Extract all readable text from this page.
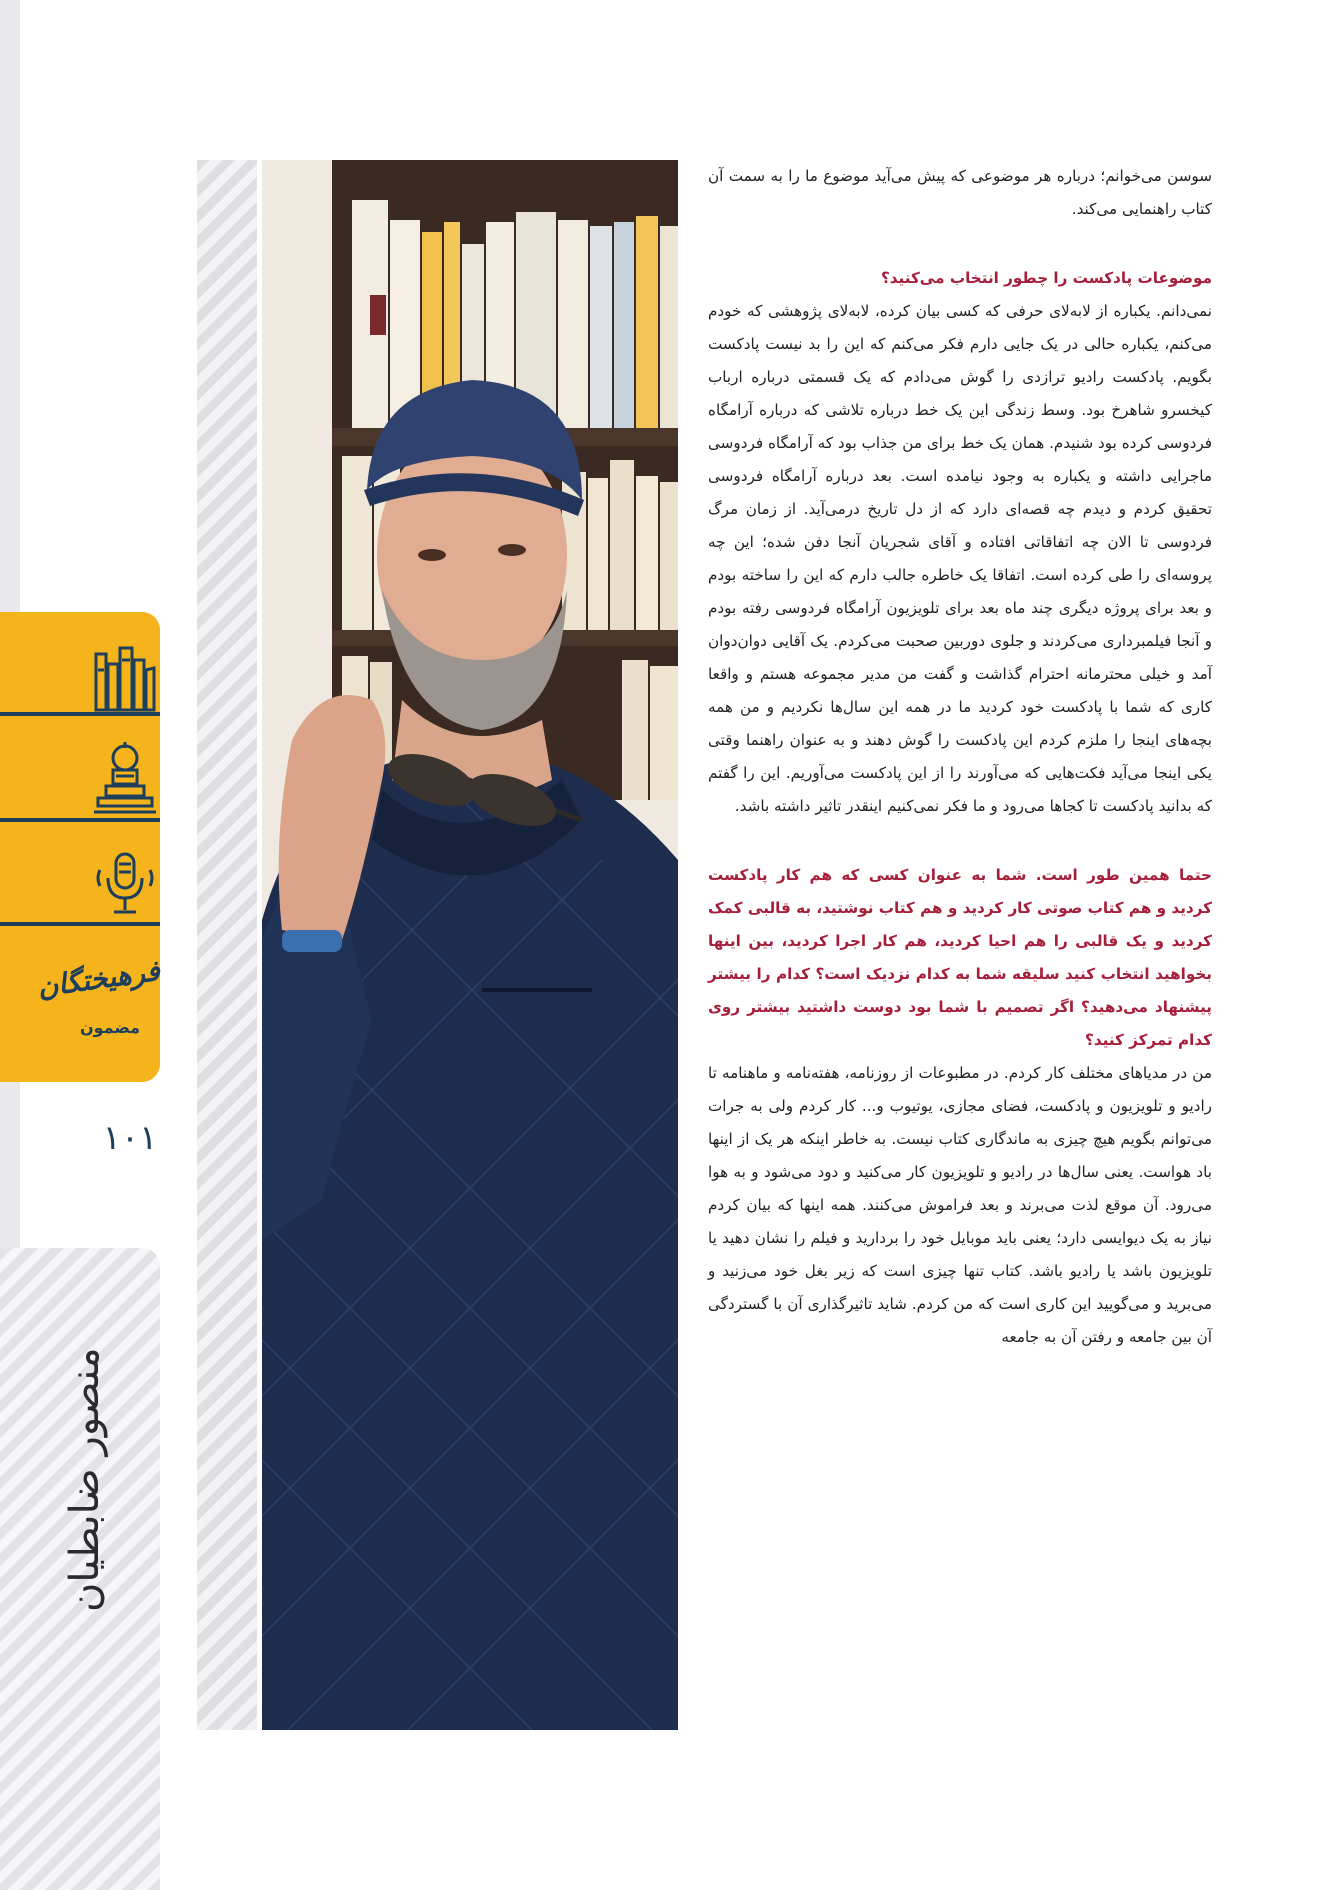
فرهیختگان
مضمون
۱۰۱
منصور ضابطیان

سوسن می‌خوانم؛ درباره هر موضوعی که پیش می‌آید موضوع ما را به سمت آن کتاب راهنمایی می‌کند.

موضوعات پادکست را چطور انتخاب می‌کنید؟

نمی‌دانم. یکباره از لابه‌لای حرفی که کسی بیان کرده، لابه‌لای پژوهشی که خودم می‌کنم، یکباره حالی در یک جایی دارم فکر می‌کنم که این را بد نیست پادکست بگویم. پادکست رادیو ترازدی را گوش می‌دادم که یک قسمتی درباره ارباب کیخسرو شاهرخ بود. وسط زندگی این یک خط درباره تلاشی که درباره آرامگاه فردوسی کرده بود شنیدم. همان یک خط برای من جذاب بود که آرامگاه فردوسی ماجرایی داشته و یکباره به وجود نیامده است. بعد درباره آرامگاه فردوسی تحقیق کردم و دیدم چه قصه‌ای دارد که از دل تاریخ درمی‌آید. از زمان مرگ فردوسی تا الان چه اتفاقاتی افتاده و آقای شجریان آنجا دفن شده؛ این چه پروسه‌ای را طی کرده است. اتفاقا یک خاطره جالب دارم که این را ساخته بودم و بعد برای پروژه دیگری چند ماه بعد برای تلویزیون آرامگاه فردوسی رفته بودم و آنجا فیلمبرداری می‌کردند و جلوی دوربین صحبت می‌کردم. یک آقایی دوان‌دوان آمد و خیلی محترمانه احترام گذاشت و گفت من مدیر مجموعه هستم و واقعا کاری که شما با پادکست خود کردید ما در همه این سال‌ها نکردیم و من همه بچه‌های اینجا را ملزم کردم این پادکست را گوش دهند و به عنوان راهنما وقتی یکی اینجا می‌آید فکت‌هایی که می‌آورند را از این پادکست می‌آوریم. این را گفتم که بدانید پادکست تا کجاها می‌رود و ما فکر نمی‌کنیم اینقدر تاثیر داشته باشد.

حتما همین طور است. شما به عنوان کسی که هم کار پادکست کردید و هم کتاب صوتی کار کردید و هم کتاب نوشتید، به قالبی کمک کردید و یک قالبی را هم احیا کردید، هم کار اجرا کردید، بین اینها بخواهید انتخاب کنید سلیقه شما به کدام نزدیک است؟ کدام را بیشتر پیشنهاد می‌دهید؟ اگر تصمیم با شما بود دوست داشتید بیشتر روی کدام تمرکز کنید؟

من در مدیاهای مختلف کار کردم. در مطبوعات از روزنامه، هفته‌نامه و ماهنامه تا رادیو و تلویزیون و پادکست، فضای مجازی، یوتیوب و... کار کردم ولی به جرات می‌توانم بگویم هیچ چیزی به ماندگاری کتاب نیست. به خاطر اینکه هر یک از اینها باد هواست. یعنی سال‌ها در رادیو و تلویزیون کار می‌کنید و دود می‌شود و به هوا می‌رود. آن موقع لذت می‌برند و بعد فراموش می‌کنند. همه اینها که بیان کردم نیاز به یک دیوایسی دارد؛ یعنی باید موبایل خود را بردارید و فیلم را نشان دهید یا تلویزیون باشد یا رادیو باشد. کتاب تنها چیزی است که زیر بغل خود می‌زنید و می‌برید و می‌گویید این کاری است که من کردم. شاید تاثیرگذاری آن با گستردگی آن بین جامعه و رفتن آن به جامعه
